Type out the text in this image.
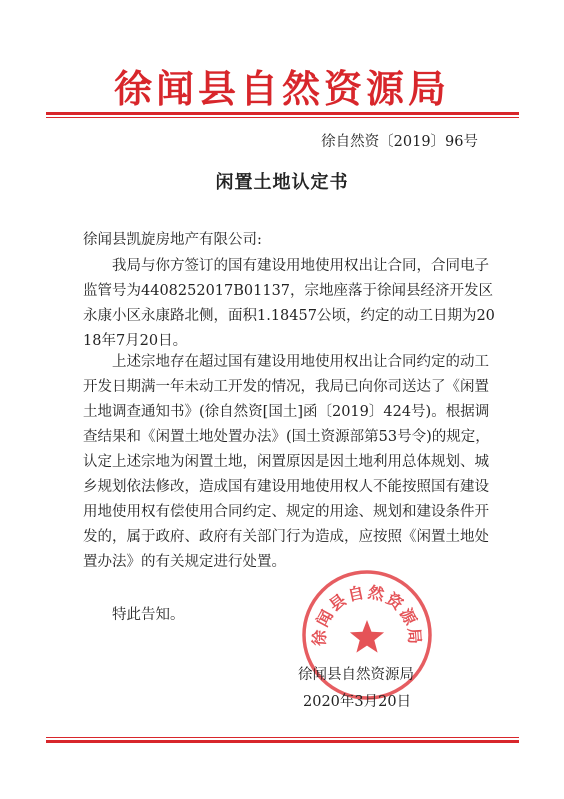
徐闻县自然资源局
徐自然资〔2019〕96号
闲置土地认定书
徐闻县凯旋房地产有限公司:

我局与你方签订的国有建设用地使用权出让合同，合同电子监管号为4408252017B01137，宗地座落于徐闻县经济开发区永康小区永康路北侧，面积1.18457公顷，约定的动工日期为2018年7月20日。

上述宗地存在超过国有建设用地使用权出让合同约定的动工开发日期满一年未动工开发的情况，我局已向你司送达了《闲置土地调查通知书》(徐自然资[国土]函〔2019〕424号)。根据调查结果和《闲置土地处置办法》(国土资源部第53号令)的规定，认定上述宗地为闲置土地，闲置原因是因土地利用总体规划、城乡规划依法修改，造成国有建设用地使用权人不能按照国有建设用地使用权有偿使用合同约定、规定的用途、规划和建设条件开发的，属于政府、政府有关部门行为造成，应按照《闲置土地处置办法》的有关规定进行处置。

特此告知。

徐闻县自然资源局
徐闻县自然资源局
2020年3月20日
